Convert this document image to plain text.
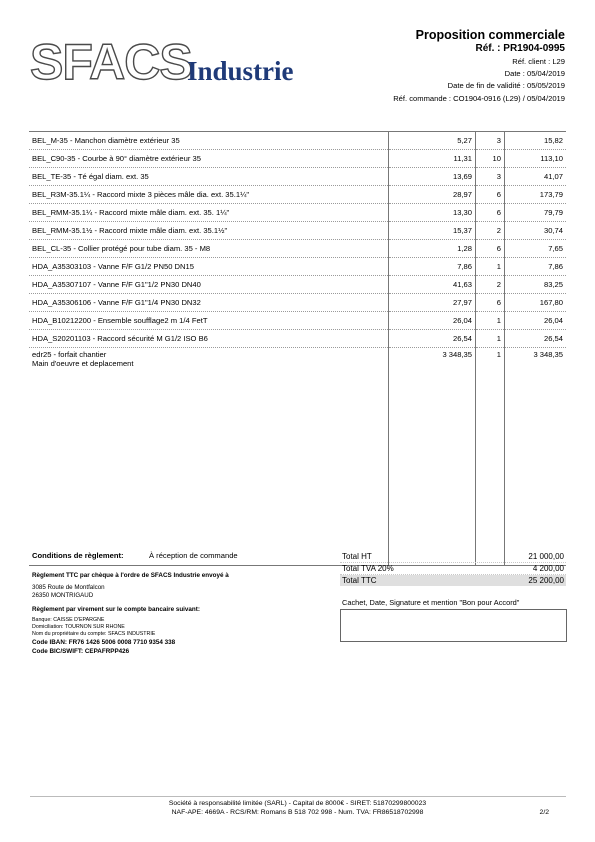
SFACS
Industrie
Proposition commerciale
Réf. : PR1904-0995
Réf. client : L29
Date : 05/04/2019
Date de fin de validité : 05/05/2019
Réf. commande : CO1904-0916 (L29) / 05/04/2019
BEL_M-35 - Manchon diamètre extérieur 35	5,27	3	15,82
BEL_C90-35 - Courbe à 90° diamètre extérieur 35	11,31	10	113,10
BEL_TE-35 - Té égal diam. ext. 35	13,69	3	41,07
BEL_R3M-35.1¼ - Raccord mixte 3 pièces mâle dia. ext. 35.1¼"	28,97	6	173,79
BEL_RMM-35.1¼ - Raccord mixte mâle diam. ext. 35. 1¼"	13,30	6	79,79
BEL_RMM-35.1½ - Raccord mixte mâle diam. ext. 35.1½"	15,37	2	30,74
BEL_CL-35 - Collier protégé pour tube diam. 35 - M8	1,28	6	7,65
HDA_A35303103 - Vanne F/F G1/2 PN50 DN15	7,86	1	7,86
HDA_A35307107 - Vanne F/F G1"1/2 PN30 DN40	41,63	2	83,25
HDA_A35306106 - Vanne F/F G1"1/4 PN30 DN32	27,97	6	167,80
HDA_B10212200 - Ensemble soufflage2 m 1/4 FetT	26,04	1	26,04
HDA_S20201103 - Raccord sécurité M G1/2 ISO B6	26,54	1	26,54
edr25 - forfait chantier
Main d'oeuvre et deplacement	3 348,35	1	3 348,35
Conditions de règlement:	À réception de commande
Règlement TTC par chèque à l'ordre de SFACS Industrie envoyé à
3085 Route de Montfalcon
26350 MONTRIGAUD
Règlement par virement sur le compte bancaire suivant:
Banque: CAISSE D'EPARGNE
Domiciliation: TOURNON SUR RHONE
Nom du propriétaire du compte: SFACS INDUSTRIE
Code IBAN: FR76 1426 5006 0008 7710 9354 338
Code BIC/SWIFT: CEPAFRPP426
Total HT	21 000,00
Total TVA 20%	4 200,00
Total TTC	25 200,00
Cachet, Date, Signature et mention "Bon pour Accord"
Société à responsabilité limitée (SARL) - Capital de 8000€ - SIRET: 51870299800023
NAF-APE: 4669A - RCS/RM: Romans B 518 702 998 - Num. TVA: FR86518702998	2/2
